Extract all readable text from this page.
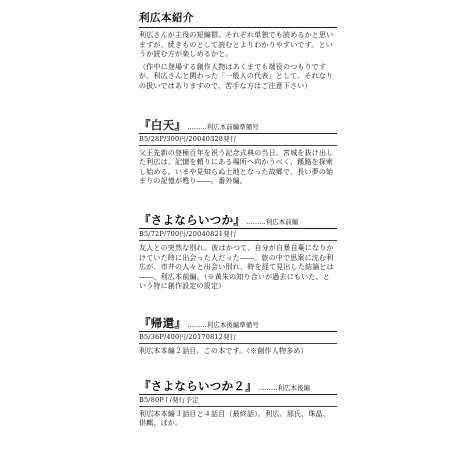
利広本紹介

利広さんが主役の短編群。それぞれ単独でも読めるかと思いますが、続きものとして読むとよりわかりやすいです。というか読む方が楽しめるかと。

（作中に登場する創作人物はあくまでも端役のつもりですが、利広さんと関わった「一般人の代表」として、それなりの扱いではありますので、苦手な方はご注意下さい）

『白天』 ………利広本前編準備号
B5/28P/300円/20040328発行

父王先新の登極百年を祝う記念式典の当日。宮城を抜け出した利広は、記憶を頼りにある場所へ向かうべく、蹊路を探索し始める。いまや見知らぬ土地となった故郷で、長い夢の始まりの記憶が甦り――。番外編。

『さよならいつか』 ………利広本前編
B5/72P/700円/20040821発行

友人との突然な別れ。彼はかつて、自分が自暴自棄になりかけていた時に出会った人だった――。旅の中で思案に沈む利広が、市井の人々と出会い別れ、時を経て見出した結論とは――。利広本前編。（※黄朱の知り合いが過去にもいた、という特に創作設定の設定）

『帰還』 ………利広本後編準備号
B5/36P/400円/20170812発行

利広本本編２話目。この本です。（※創作人物多め）

『さよならいつか２』 ………利広本後編
B5/80P↑/発行予定

利広本本編３話目と４話目（最終話）。利広、那氏、珠晶、供麒、ほか。
